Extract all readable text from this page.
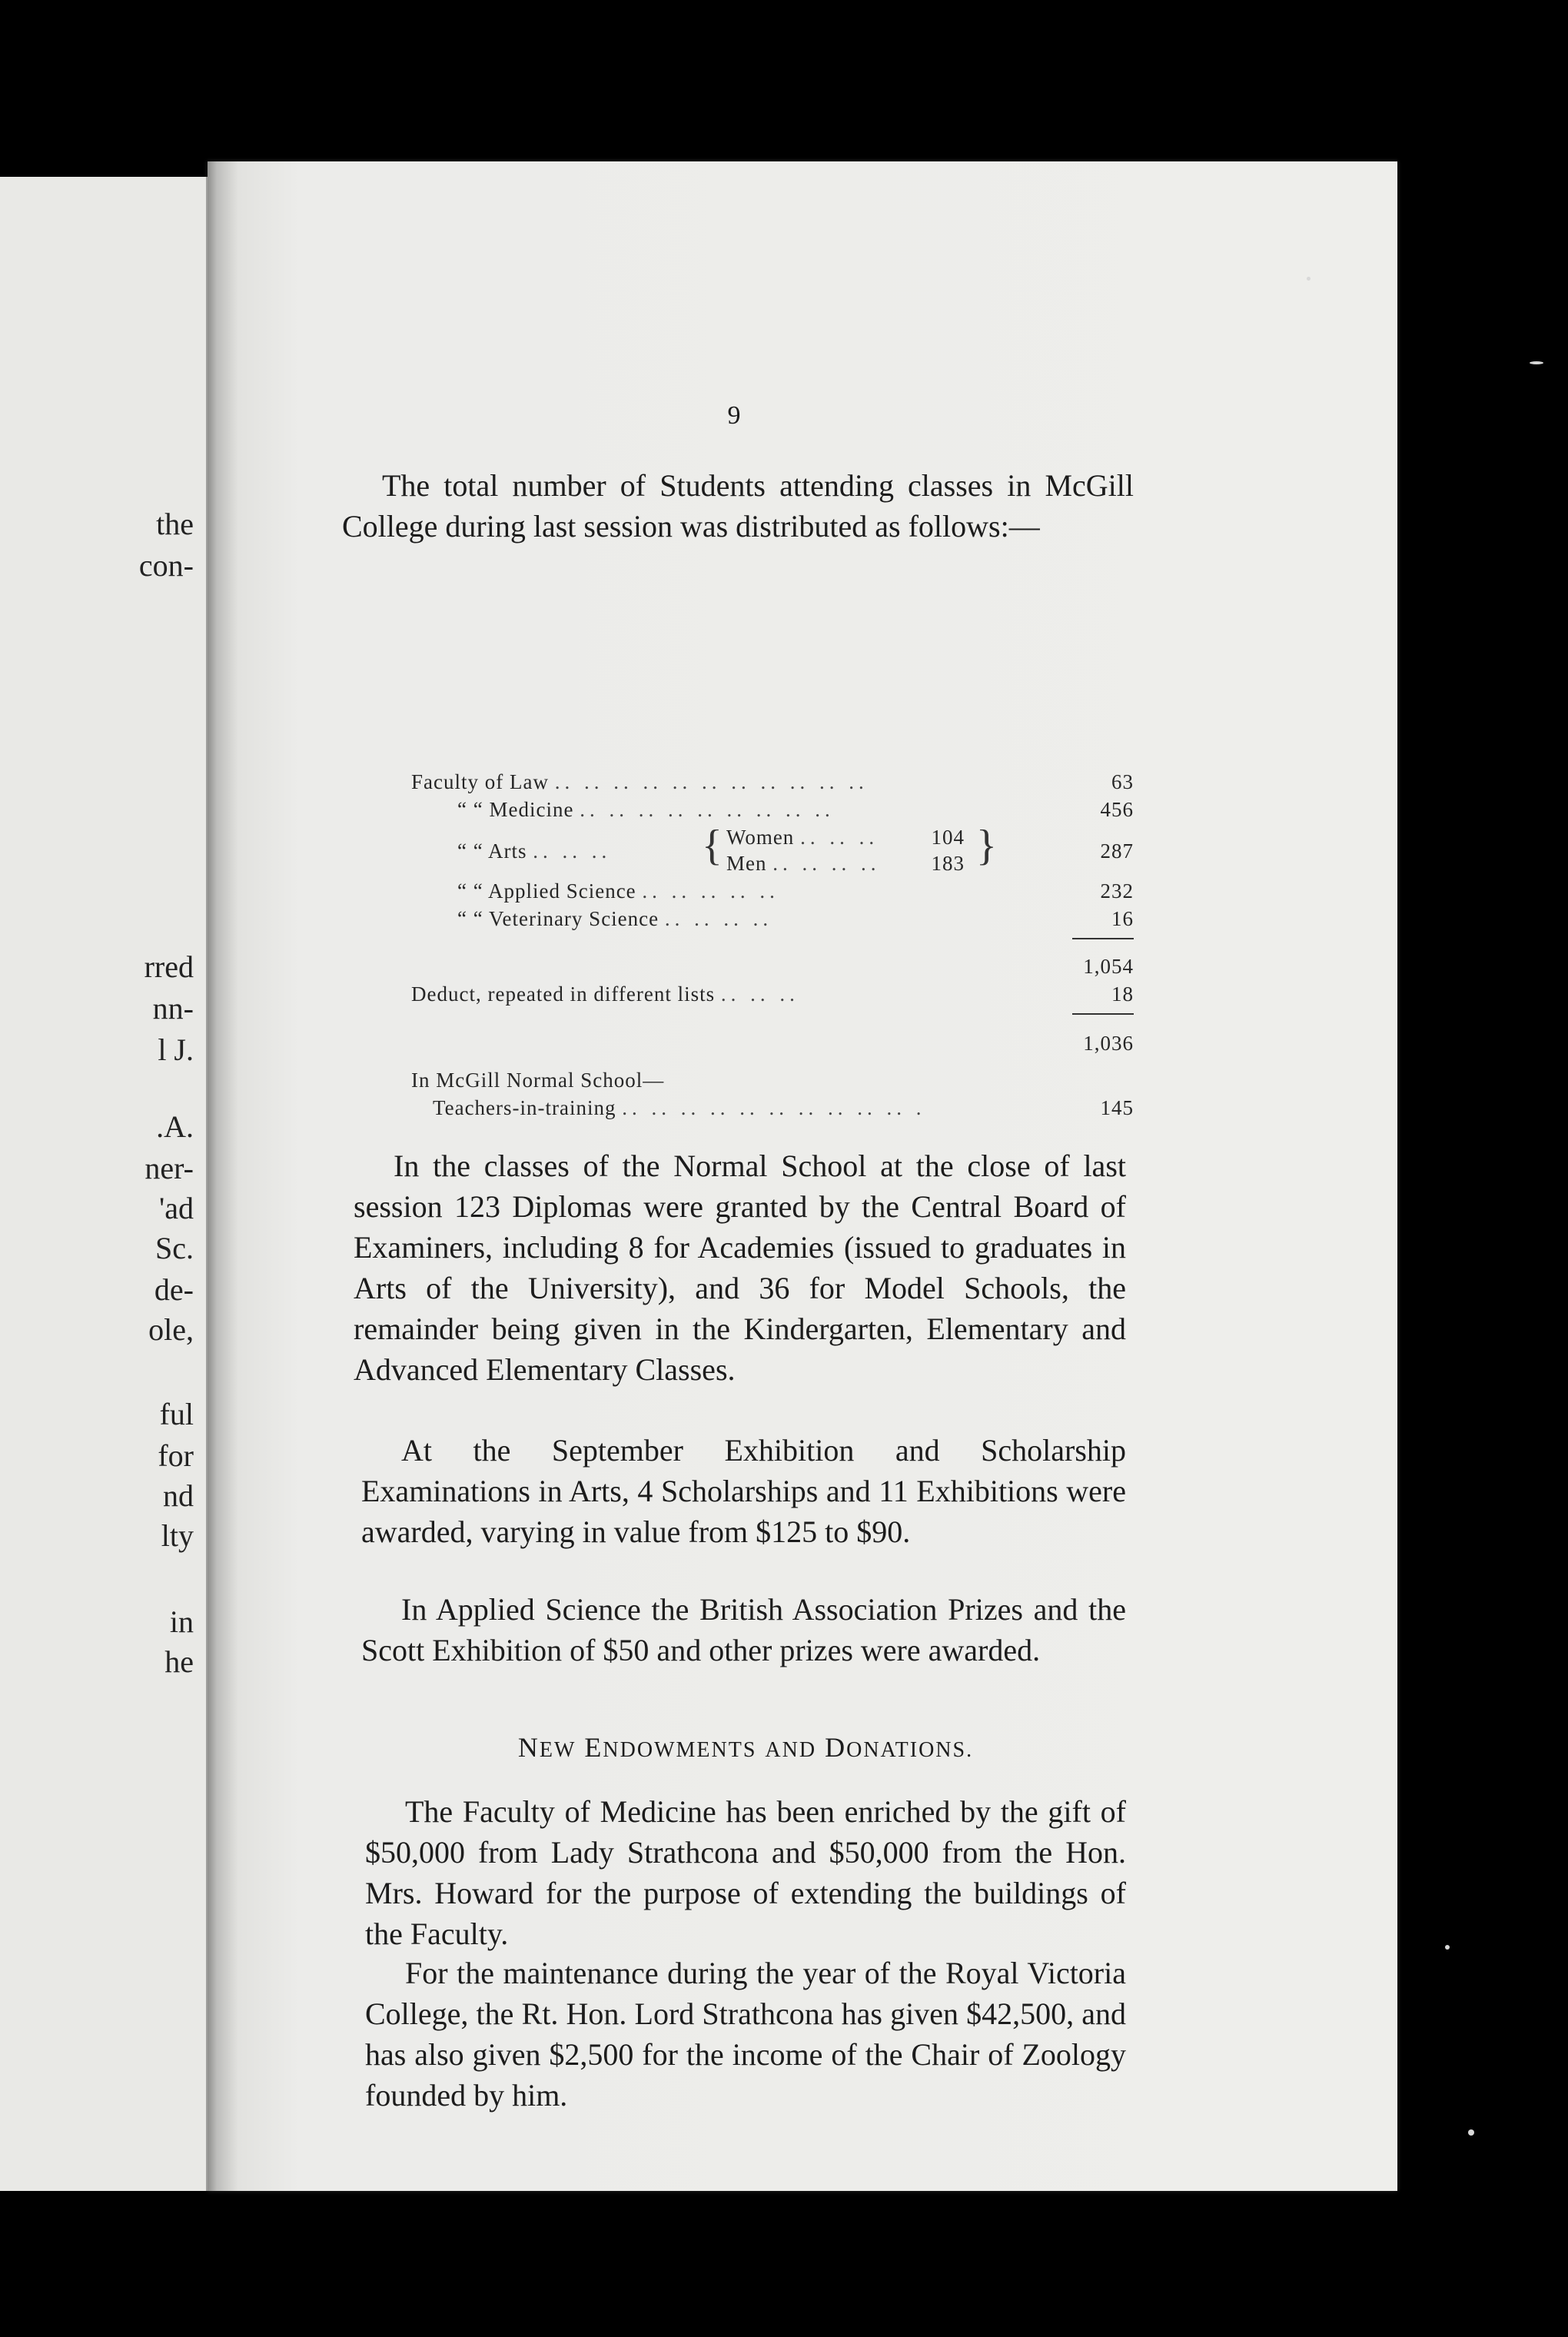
the
con-
rred
nn-
l J.
.A.
ner-
'ad
Sc.
de-
ole,
ful
for
nd
lty
in
he
9

The total number of Students attending classes in McGill College during last session was distributed as follows:—

Faculty of Law .. .. .. .. .. .. .. .. .. .. ..	63
“ “ Medicine .. .. .. .. .. .. .. .. ..	456
“ “ Arts .. .. ..	287
{ Women .. .. ..	104
Men .. .. .. .. 183 }
“ “ Applied Science .. .. .. .. ..	232
“ “ Veterinary Science .. .. .. ..	16
1,054
Deduct, repeated in different lists .. .. ..	18
1,036
In McGill Normal School—
Teachers-in-training .. .. .. .. .. .. .. .. .. .. .	145

In the classes of the Normal School at the close of last session 123 Diplomas were granted by the Central Board of Examiners, including 8 for Academies (issued to graduates in Arts of the University), and 36 for Model Schools, the remainder being given in the Kindergarten, Elementary and Advanced Elementary Classes.

At the September Exhibition and Scholarship Examinations in Arts, 4 Scholarships and 11 Exhibitions were awarded, varying in value from $125 to $90.

In Applied Science the British Association Prizes and the Scott Exhibition of $50 and other prizes were awarded.

NEW ENDOWMENTS AND DONATIONS.

The Faculty of Medicine has been enriched by the gift of $50,000 from Lady Strathcona and $50,000 from the Hon. Mrs. Howard for the purpose of extending the buildings of the Faculty.

For the maintenance during the year of the Royal Victoria College, the Rt. Hon. Lord Strathcona has given $42,500, and has also given $2,500 for the income of the Chair of Zoology founded by him.
